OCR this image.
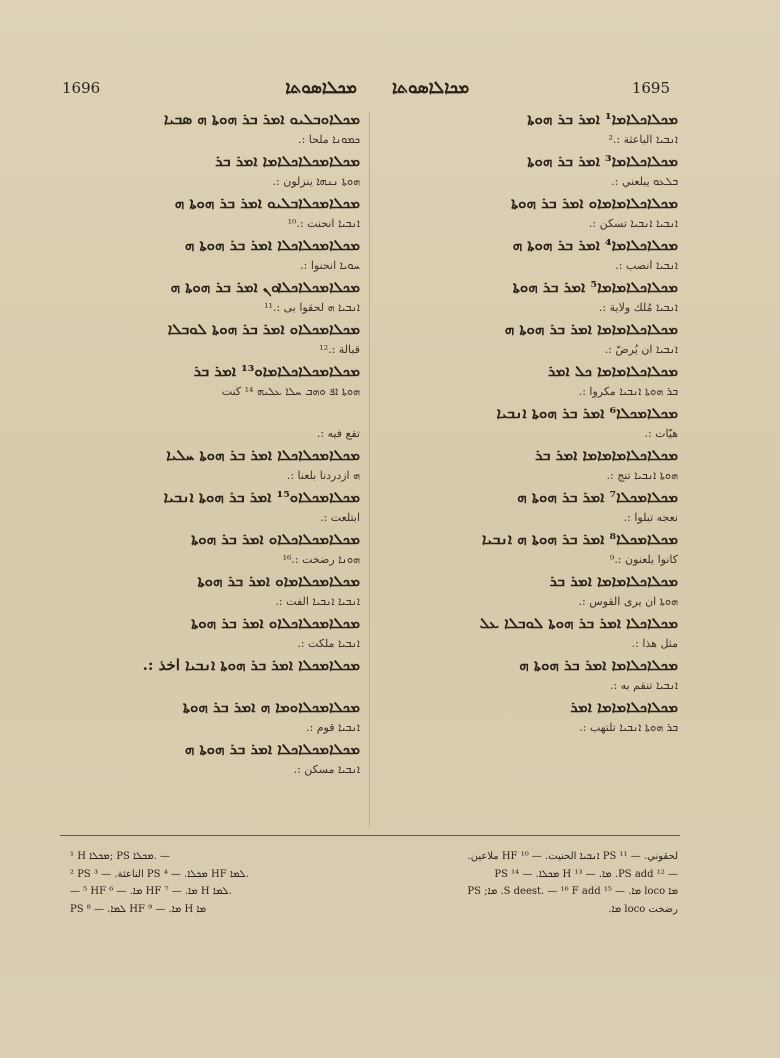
1696	ܡܟܠܐܣܘܬܐ ܡܟܐܠܐܣܘܬܐ	1695
ܡܟܠܐܘܒܠܝܘ ܐܡܪ ܒܪ ܗܘܬܐ ܗ ܣܒܝܐ
ܟܡܘܢܐ ملحأ :.
ܡܟܠܐܡܟܠܐܟܠܐܡܐ ܐܡܪ ܒܪ
ܗܘܬܐ ܢܢܗܐ ينزلون :.
ܡܟܠܐܡܟܠܐܒܠܝܘ ܐܡܪ ܒܪ ܗܘܬܐ ܗ
ܐܢܒܝܐ انحنت :.¹⁰
ܡܟܠܐܡܟܠܐܟܠܐ ܐܡܪ ܒܪ ܗܘܬܐ ܗ
ܚܘܝܐ انحنوا :.
ܡܟܠܐܡܟܠܐܟܠܐܘܢ ܐܡܪ ܒܪ ܗܘܬܐ ܗ
ܐܢܒܝܐ ܗ لحقوا بی :.¹¹
ܡܟܠܐܡܟܠܐܘ ܐܡܪ ܒܪ ܗܘܬܐ ܠܘܒܠܐ
قبالة :.¹²
ܡܟܠܐܡܟܠܐܟܠܐܡܐܘ¹³ ܐܡܪ ܒܪ
ܗܘܬܐ ܐܦ ܘܗܒ ܚܠܐ ܥܠܝܗ ¹⁴ كُنت
تقع فيه :.
ܡܟܠܐܡܟܠܐܟܠܐ ܐܡܪ ܒܪ ܗܘܬܐ ܚܠܝܐ
ܗ ازدردنا بلعنا :.
ܡܟܠܐܡܟܠܐܘ¹⁵ ܐܡܪ ܒܪ ܗܘܬܐ ܐܢܒܝܐ
ابتلعت :.
ܡܟܠܐܡܟܠܐܟܠܐܘ ܐܡܪ ܒܪ ܗܘܬܐ
ܗܘܢܐ رضخت :.¹⁶
ܡܟܠܐܡܟܠܐܡܐܘ ܐܡܪ ܒܪ ܗܘܬܐ
ܐܢܒܝܐ ܐܢܒܝܐ الفت :.
ܡܟܠܐܡܟܠܐܟܠܐܘ ܐܡܪ ܒܪ ܗܘܬܐ
ܐܢܒܝܐ ملكت :.
ܡܟܠܐܡܟܠܐ ܐܡܪ ܒܪ ܗܘܬܐ ܐܢܒܝܐ اخذ :.
ܡܟܠܐܡܟܠܐܘܡܐ ܗ ܐܡܪ ܒܪ ܗܘܬܐ
ܐܢܒܝܐ قوم :.
ܡܟܠܐܡܟܠܐܟܠܐ ܐܡܪ ܒܪ ܗܘܬܐ ܗ
ܐܢܒܝܐ مسكن :.
ܡܟܠܐܟܠܐܡܐ¹ ܐܡܪ ܒܪ ܗܘܬܐ
ܐܢܒܝܐ الباعثة :.²
ܡܟܠܐܟܠܐܡܐ³ ܐܡܪ ܒܪ ܗܘܬܐ
ܒܠܥܘ يبلعني :.
ܡܟܠܐܟܠܐܡܐܡܐܘ ܐܡܪ ܒܪ ܗܘܬܐ
ܐܢܒܝܐ ܐܢܒܝܐ تسكن :.
ܡܟܠܐܟܠܐܡܐ⁴ ܐܡܪ ܒܪ ܗܘܬܐ ܗ
ܐܢܒܝܐ أنصب :.
ܡܟܠܐܟܠܐܡܐܡܐ⁵ ܐܡܪ ܒܪ ܗܘܬܐ
ܐܢܒܝܐ مُلك ولاية :.
ܡܟܠܐܟܠܐܡܐܡܐ ܐܡܪ ܒܪ ܗܘܬܐ ܗ
ܐܢܒܝܐ ان يُرضّ :.
ܡܟܠܐܟܠܐܡܐܡܐ ܟܠ ܐܡܪ
ܒܪ ܗܘܬܐ ܐܢܒܝܐ مكروا :.
ܡܟܠܐܡܟܠܐ⁶ ܐܡܪ ܒܪ ܗܘܬܐ ܐܢܒܝܐ
هيّأت :.
ܡܟܠܐܟܠܐܡܐܡܐܡܐ ܐܡܪ ܒܪ
ܗܘܬܐ ܐܢܒܝܐ تنج :.
ܡܟܠܐܡܟܠܐ⁷ ܐܡܪ ܒܪ ܗܘܬܐ ܗ
نعجه تبلوا :.
ܡܟܠܐܡܟܠܐ⁸ ܐܡܪ ܒܪ ܗܘܬܐ ܗ ܐܢܒܝܐ
كانوا يلعنون :.⁹
ܡܟܠܐܟܠܐܡܐܡܐ ܐܡܪ ܒܪ
ܗܘܬܐ ان يرى القوس :.
ܡܟܠܐܟܠܐ ܐܡܪ ܒܪ ܗܘܬܐ ܠܘܒܠܐ ܥܠ
مثل هذا :.
ܡܟܠܐܟܠܐܡܐ ܐܡܪ ܒܪ ܗܘܬܐ ܗ
ܐܢܒܝܐ تنقم به :.
ܡܟܠܐܟܠܐܡܐܡܐ ܐܡܪ
ܒܪ ܗܘܬܐ ܐܢܒܝܐ تلتهب :.
¹ H ܡܟܠܐ; PS ܡܟܠܐ. —
² PS الناعثة. — ³ PS ܡܟܠܐ. — ⁴ HF ܠܡܐ.
— ⁵ HF ܡܐ. — ⁶ HF ܡܐ. — ⁷ H ܠܡܐ.
PS ܠܡܐ. — ⁸ HF ܡܐ. — ⁹ H ܡܐ
لحقوني. — ¹¹ PS ܐܢܒܝܐ الحنيت. — ¹⁰ HF ملاعين.
— ¹² PS add. ܡܐ. — ¹³ H ܡܟܠܐ. — ¹⁴ PS
ܡܐ loco ܡܐ. — ¹⁵ S deest. — ¹⁶ F add. ܡܐ; PS
رضخت loco ܡܐ.
